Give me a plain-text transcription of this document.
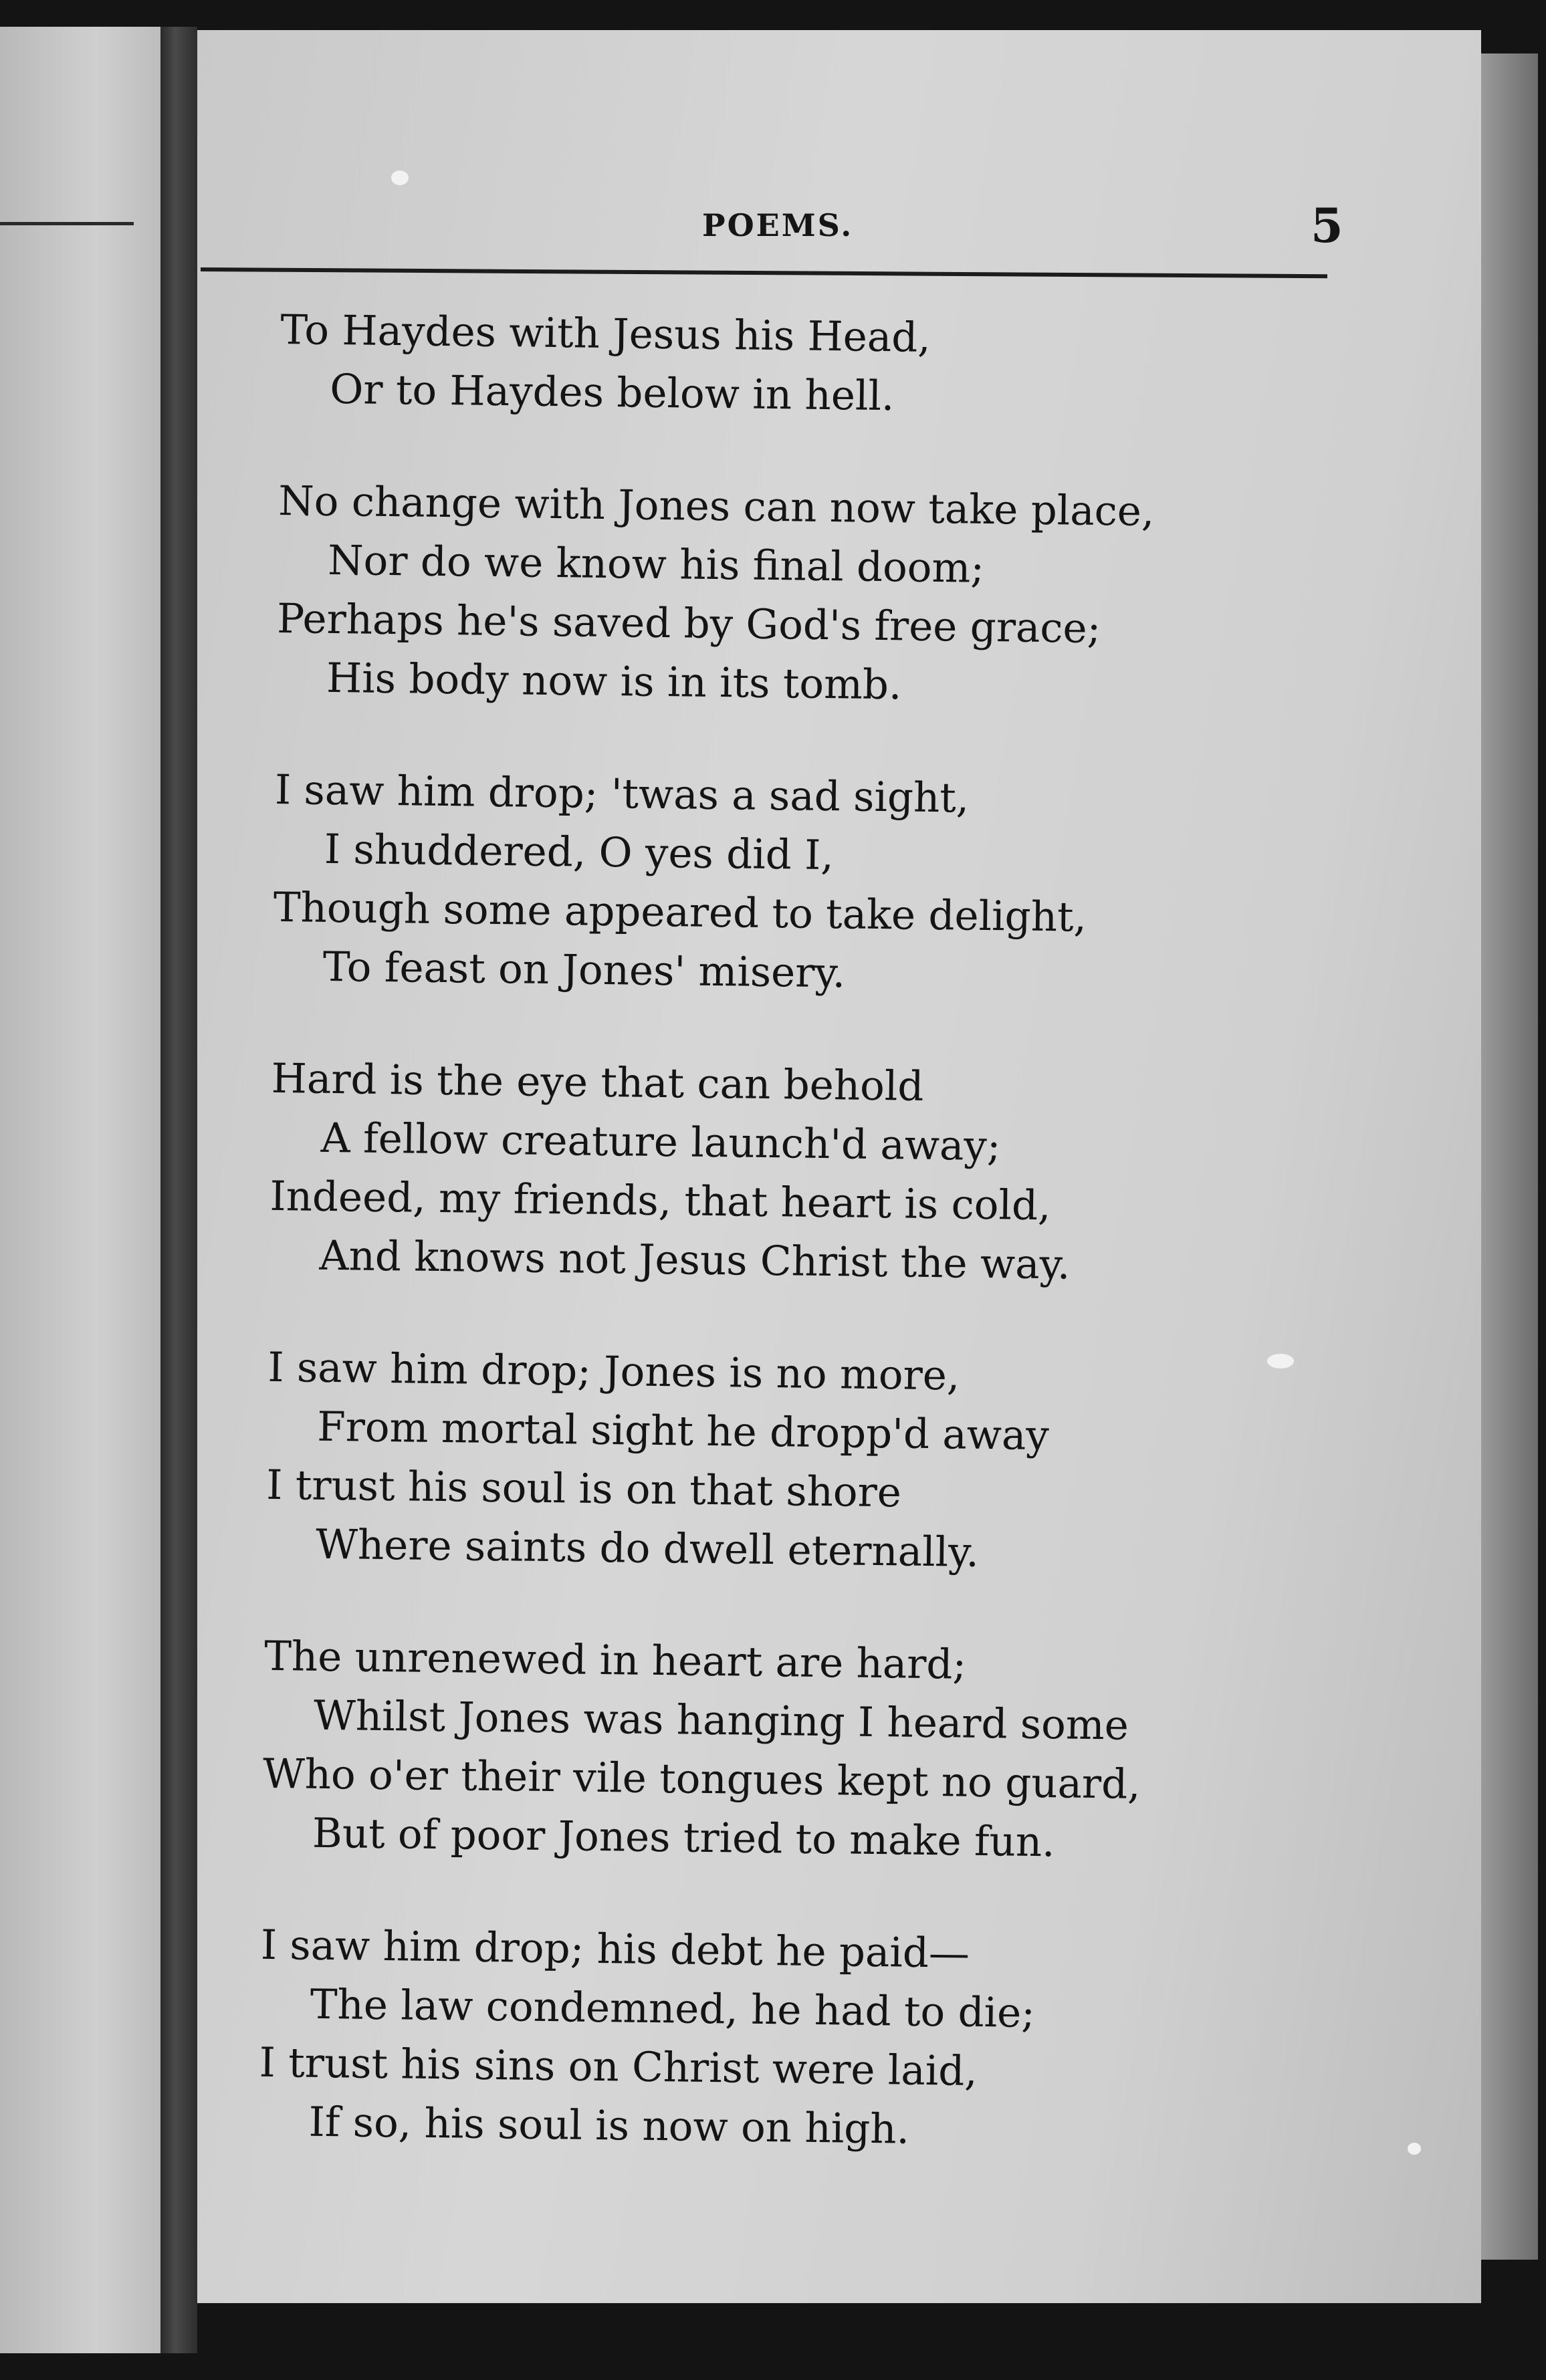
POEMS.	5
To Haydes with Jesus his Head,
Or to Haydes below in hell.
No change with Jones can now take place,
Nor do we know his final doom;
Perhaps he's saved by God's free grace;
His body now is in its tomb.
I saw him drop; 'twas a sad sight,
I shuddered, O yes did I,
Though some appeared to take delight,
To feast on Jones' misery.
Hard is the eye that can behold
A fellow creature launch'd away;
Indeed, my friends, that heart is cold,
And knows not Jesus Christ the way.
I saw him drop; Jones is no more,
From mortal sight he dropp'd away
I trust his soul is on that shore
Where saints do dwell eternally.
The unrenewed in heart are hard;
Whilst Jones was hanging I heard some
Who o'er their vile tongues kept no guard,
But of poor Jones tried to make fun.
I saw him drop; his debt he paid—
The law condemned, he had to die;
I trust his sins on Christ were laid,
If so, his soul is now on high.
